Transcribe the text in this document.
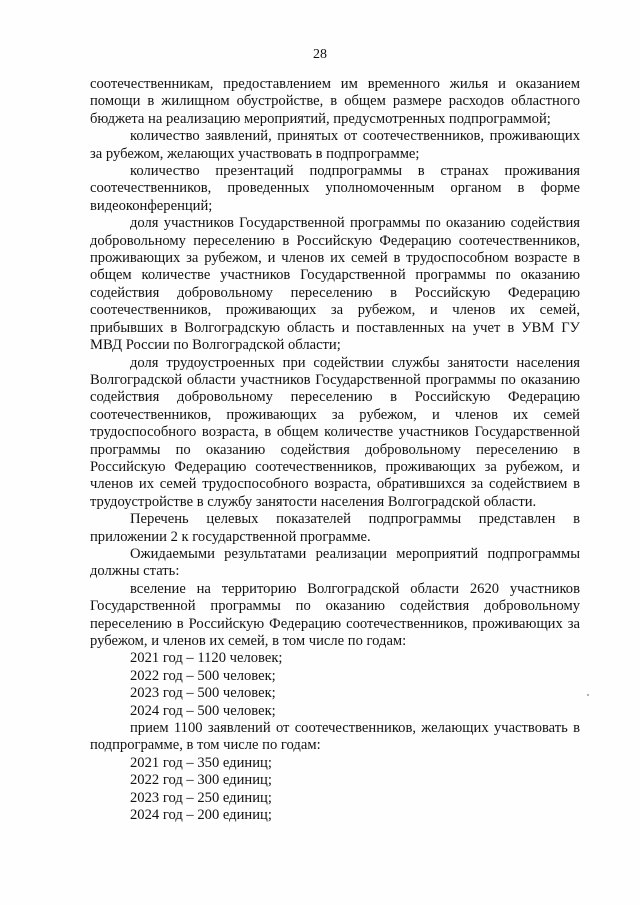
28

соотечественникам, предоставлением им временного жилья и оказанием помощи в жилищном обустройстве, в общем размере расходов областного бюджета на реализацию мероприятий, предусмотренных подпрограммой;

количество заявлений, принятых от соотечественников, проживающих за рубежом, желающих участвовать в подпрограмме;

количество презентаций подпрограммы в странах проживания соотечественников, проведенных уполномоченным органом в форме видеоконференций;

доля участников Государственной программы по оказанию содействия добровольному переселению в Российскую Федерацию соотечественников, проживающих за рубежом, и членов их семей в трудоспособном возрасте в общем количестве участников Государственной программы по оказанию содействия добровольному переселению в Российскую Федерацию соотечественников, проживающих за рубежом, и членов их семей, прибывших в Волгоградскую область и поставленных на учет в УВМ ГУ МВД России по Волгоградской области;

доля трудоустроенных при содействии службы занятости населения Волгоградской области участников Государственной программы по оказанию содействия добровольному переселению в Российскую Федерацию соотечественников, проживающих за рубежом, и членов их семей трудоспособного возраста, в общем количестве участников Государственной программы по оказанию содействия добровольному переселению в Российскую Федерацию соотечественников, проживающих за рубежом, и членов их семей трудоспособного возраста, обратившихся за содействием в трудоустройстве в службу занятости населения Волгоградской области.

Перечень целевых показателей подпрограммы представлен в приложении 2 к государственной программе.

Ожидаемыми результатами реализации мероприятий подпрограммы должны стать:

вселение на территорию Волгоградской области 2620 участников Государственной программы по оказанию содействия добровольному переселению в Российскую Федерацию соотечественников, проживающих за рубежом, и членов их семей, в том числе по годам:

2021 год – 1120 человек;

2022 год – 500 человек;

2023 год – 500 человек;

2024 год – 500 человек;

прием 1100 заявлений от соотечественников, желающих участвовать в подпрограмме, в том числе по годам:

2021 год – 350 единиц;

2022 год – 300 единиц;

2023 год – 250 единиц;

2024 год – 200 единиц;
